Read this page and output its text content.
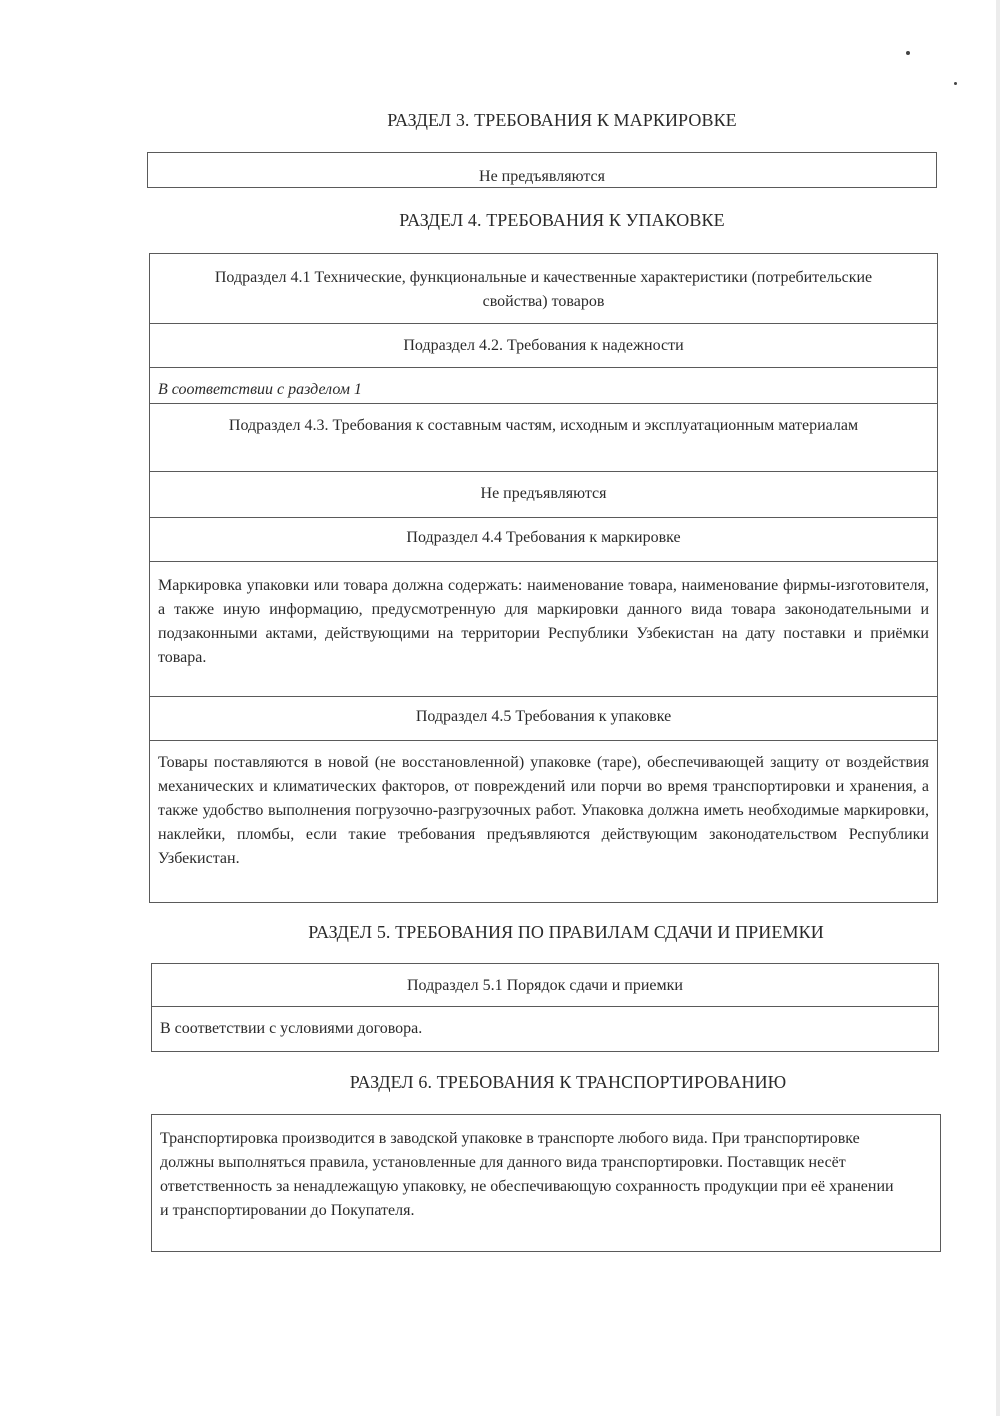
РАЗДЕЛ 3. ТРЕБОВАНИЯ К МАРКИРОВКЕ
Не предъявляются
РАЗДЕЛ 4. ТРЕБОВАНИЯ К УПАКОВКЕ
Подраздел 4.1 Технические, функциональные и качественные характеристики (потребительские свойства) товаров
Подраздел 4.2. Требования к надежности
В соответствии с разделом 1
Подраздел 4.3. Требования к составным частям, исходным и эксплуатационным материалам
Не предъявляются
Подраздел 4.4 Требования к маркировке
Маркировка упаковки или товара должна содержать: наименование товара, наименование фирмы-изготовителя, а также иную информацию, предусмотренную для маркировки данного вида товара законодательными и подзаконными актами, действующими на территории Республики Узбекистан на дату поставки и приёмки товара.
Подраздел 4.5 Требования к упаковке
Товары поставляются в новой (не восстановленной) упаковке (таре), обеспечивающей защиту от воздействия механических и климатических факторов, от повреждений или порчи во время транспортировки и хранения, а также удобство выполнения погрузочно-разгрузочных работ. Упаковка должна иметь необходимые маркировки, наклейки, пломбы, если такие требования предъявляются действующим законодательством Республики Узбекистан.
РАЗДЕЛ 5. ТРЕБОВАНИЯ ПО ПРАВИЛАМ СДАЧИ И ПРИЕМКИ
Подраздел 5.1 Порядок сдачи и приемки
В соответствии с условиями договора.
РАЗДЕЛ 6. ТРЕБОВАНИЯ К ТРАНСПОРТИРОВАНИЮ
Транспортировка производится в заводской упаковке в транспорте любого вида. При транспортировке должны выполняться правила, установленные для данного вида транспортировки. Поставщик несёт ответственность за ненадлежащую упаковку, не обеспечивающую сохранность продукции при её хранении и транспортировании до Покупателя.
